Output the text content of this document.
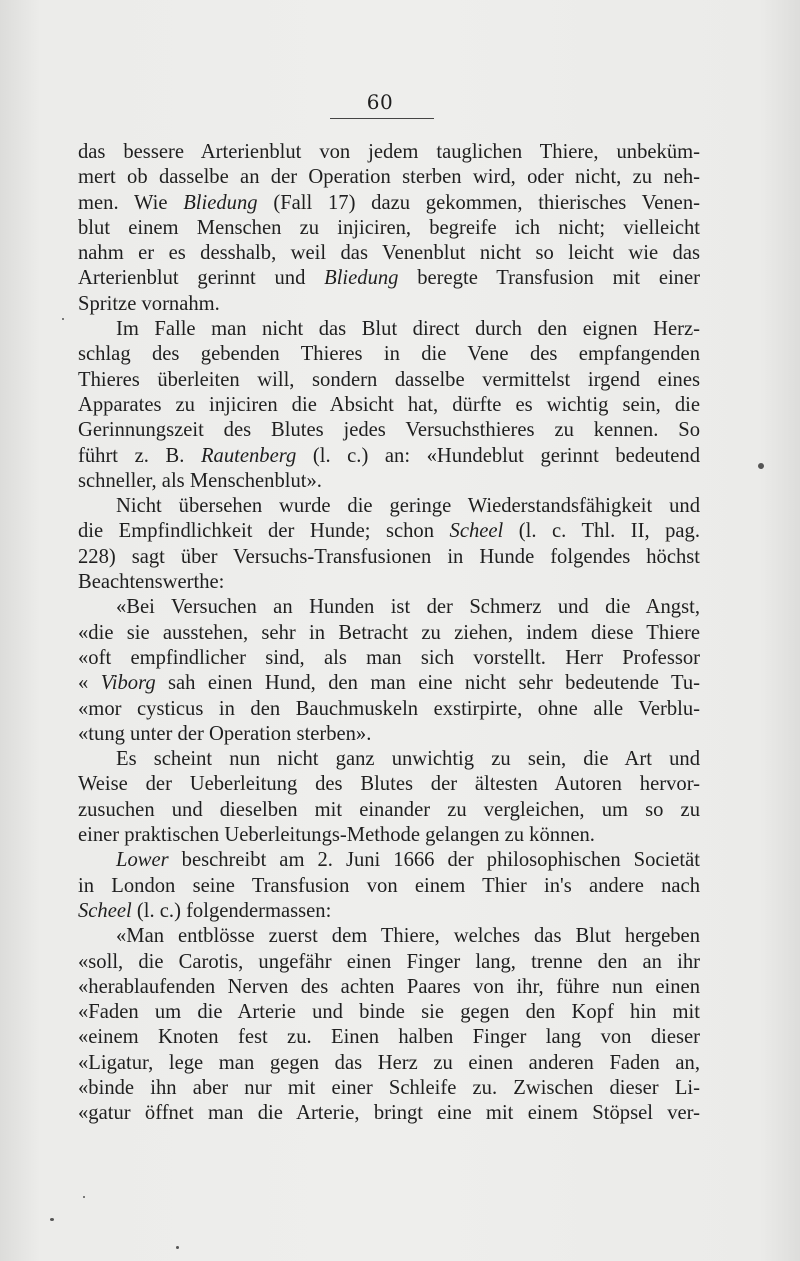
60
das bessere Arterienblut von jedem tauglichen Thiere, unbeküm-
mert ob dasselbe an der Operation sterben wird, oder nicht, zu neh-
men. Wie Bliedung (Fall 17) dazu gekommen, thierisches Venen-
blut einem Menschen zu injiciren, begreife ich nicht; vielleicht
nahm er es desshalb, weil das Venenblut nicht so leicht wie das
Arterienblut gerinnt und Bliedung beregte Transfusion mit einer
Spritze vornahm.
Im Falle man nicht das Blut direct durch den eignen Herz-
schlag des gebenden Thieres in die Vene des empfangenden
Thieres überleiten will, sondern dasselbe vermittelst irgend eines
Apparates zu injiciren die Absicht hat, dürfte es wichtig sein, die
Gerinnungszeit des Blutes jedes Versuchsthieres zu kennen. So
führt z. B. Rautenberg (l. c.) an: «Hundeblut gerinnt bedeutend
schneller, als Menschenblut».
Nicht übersehen wurde die geringe Wiederstandsfähigkeit und
die Empfindlichkeit der Hunde; schon Scheel (l. c. Thl. II, pag.
228) sagt über Versuchs-Transfusionen in Hunde folgendes höchst
Beachtenswerthe:
«Bei Versuchen an Hunden ist der Schmerz und die Angst,
«die sie ausstehen, sehr in Betracht zu ziehen, indem diese Thiere
«oft empfindlicher sind, als man sich vorstellt. Herr Professor
« Viborg sah einen Hund, den man eine nicht sehr bedeutende Tu-
«mor cysticus in den Bauchmuskeln exstirpirte, ohne alle Verblu-
«tung unter der Operation sterben».
Es scheint nun nicht ganz unwichtig zu sein, die Art und
Weise der Ueberleitung des Blutes der ältesten Autoren hervor-
zusuchen und dieselben mit einander zu vergleichen, um so zu
einer praktischen Ueberleitungs-Methode gelangen zu können.
Lower beschreibt am 2. Juni 1666 der philosophischen Societät
in London seine Transfusion von einem Thier in's andere nach
Scheel (l. c.) folgendermassen:
«Man entblösse zuerst dem Thiere, welches das Blut hergeben
«soll, die Carotis, ungefähr einen Finger lang, trenne den an ihr
«herablaufenden Nerven des achten Paares von ihr, führe nun einen
«Faden um die Arterie und binde sie gegen den Kopf hin mit
«einem Knoten fest zu. Einen halben Finger lang von dieser
«Ligatur, lege man gegen das Herz zu einen anderen Faden an,
«binde ihn aber nur mit einer Schleife zu. Zwischen dieser Li-
«gatur öffnet man die Arterie, bringt eine mit einem Stöpsel ver-
